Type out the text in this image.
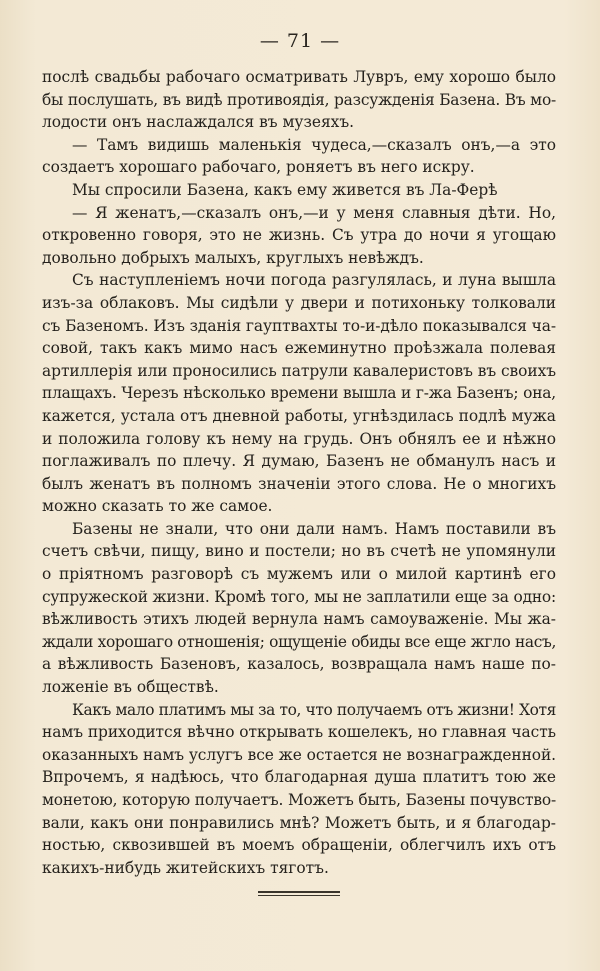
— 71 —
послѣ свадьбы рабочаго осматривать Лувръ, ему хорошо было
бы послушать, въ видѣ противоядія, разсужденія Базена. Въ мо-
лодости онъ наслаждался въ музеяхъ.
— Тамъ видишь маленькія чудеса,—сказалъ онъ,—а это
создаетъ хорошаго рабочаго, роняетъ въ него искру.
Мы спросили Базена, какъ ему живется въ Ла-Ферѣ
— Я женатъ,—сказалъ онъ,—и у меня славныя дѣти. Но,
откровенно говоря, это не жизнь. Съ утра до ночи я угощаю
довольно добрыхъ малыхъ, круглыхъ невѣждъ.
Съ наступленіемъ ночи погода разгулялась, и луна вышла
изъ-за облаковъ. Мы сидѣли у двери и потихоньку толковали
съ Базеномъ. Изъ зданія гауптвахты то-и-дѣло показывался ча-
совой, такъ какъ мимо насъ ежеминутно проѣзжала полевая
артиллерія или проносились патрули кавалеристовъ въ своихъ
плащахъ. Черезъ нѣсколько времени вышла и г-жа Базенъ; она,
кажется, устала отъ дневной работы, угнѣздилась подлѣ мужа
и положила голову къ нему на грудь. Онъ обнялъ ее и нѣжно
поглаживалъ по плечу. Я думаю, Базенъ не обманулъ насъ и
былъ женатъ въ полномъ значеніи этого слова. Не о многихъ
можно сказать то же самое.
Базены не знали, что они дали намъ. Намъ поставили въ
счетъ свѣчи, пищу, вино и постели; но въ счетѣ не упомянули
о пріятномъ разговорѣ съ мужемъ или о милой картинѣ его
супружеской жизни. Кромѣ того, мы не заплатили еще за одно:
вѣжливость этихъ людей вернула намъ самоуваженіе. Мы жа-
ждали хорошаго отношенія; ощущеніе обиды все еще жгло насъ,
а вѣжливость Базеновъ, казалось, возвращала намъ наше по-
ложеніе въ обществѣ.
Какъ мало платимъ мы за то, что получаемъ отъ жизни! Хотя
намъ приходится вѣчно открывать кошелекъ, но главная часть
оказанныхъ намъ услугъ все же остается не вознагражденной.
Впрочемъ, я надѣюсь, что благодарная душа платитъ тою же
монетою, которую получаетъ. Можетъ быть, Базены почувство-
вали, какъ они понравились мнѣ? Можетъ быть, и я благодар-
ностью, сквозившей въ моемъ обращеніи, облегчилъ ихъ отъ
какихъ-нибудь житейскихъ тяготъ.
